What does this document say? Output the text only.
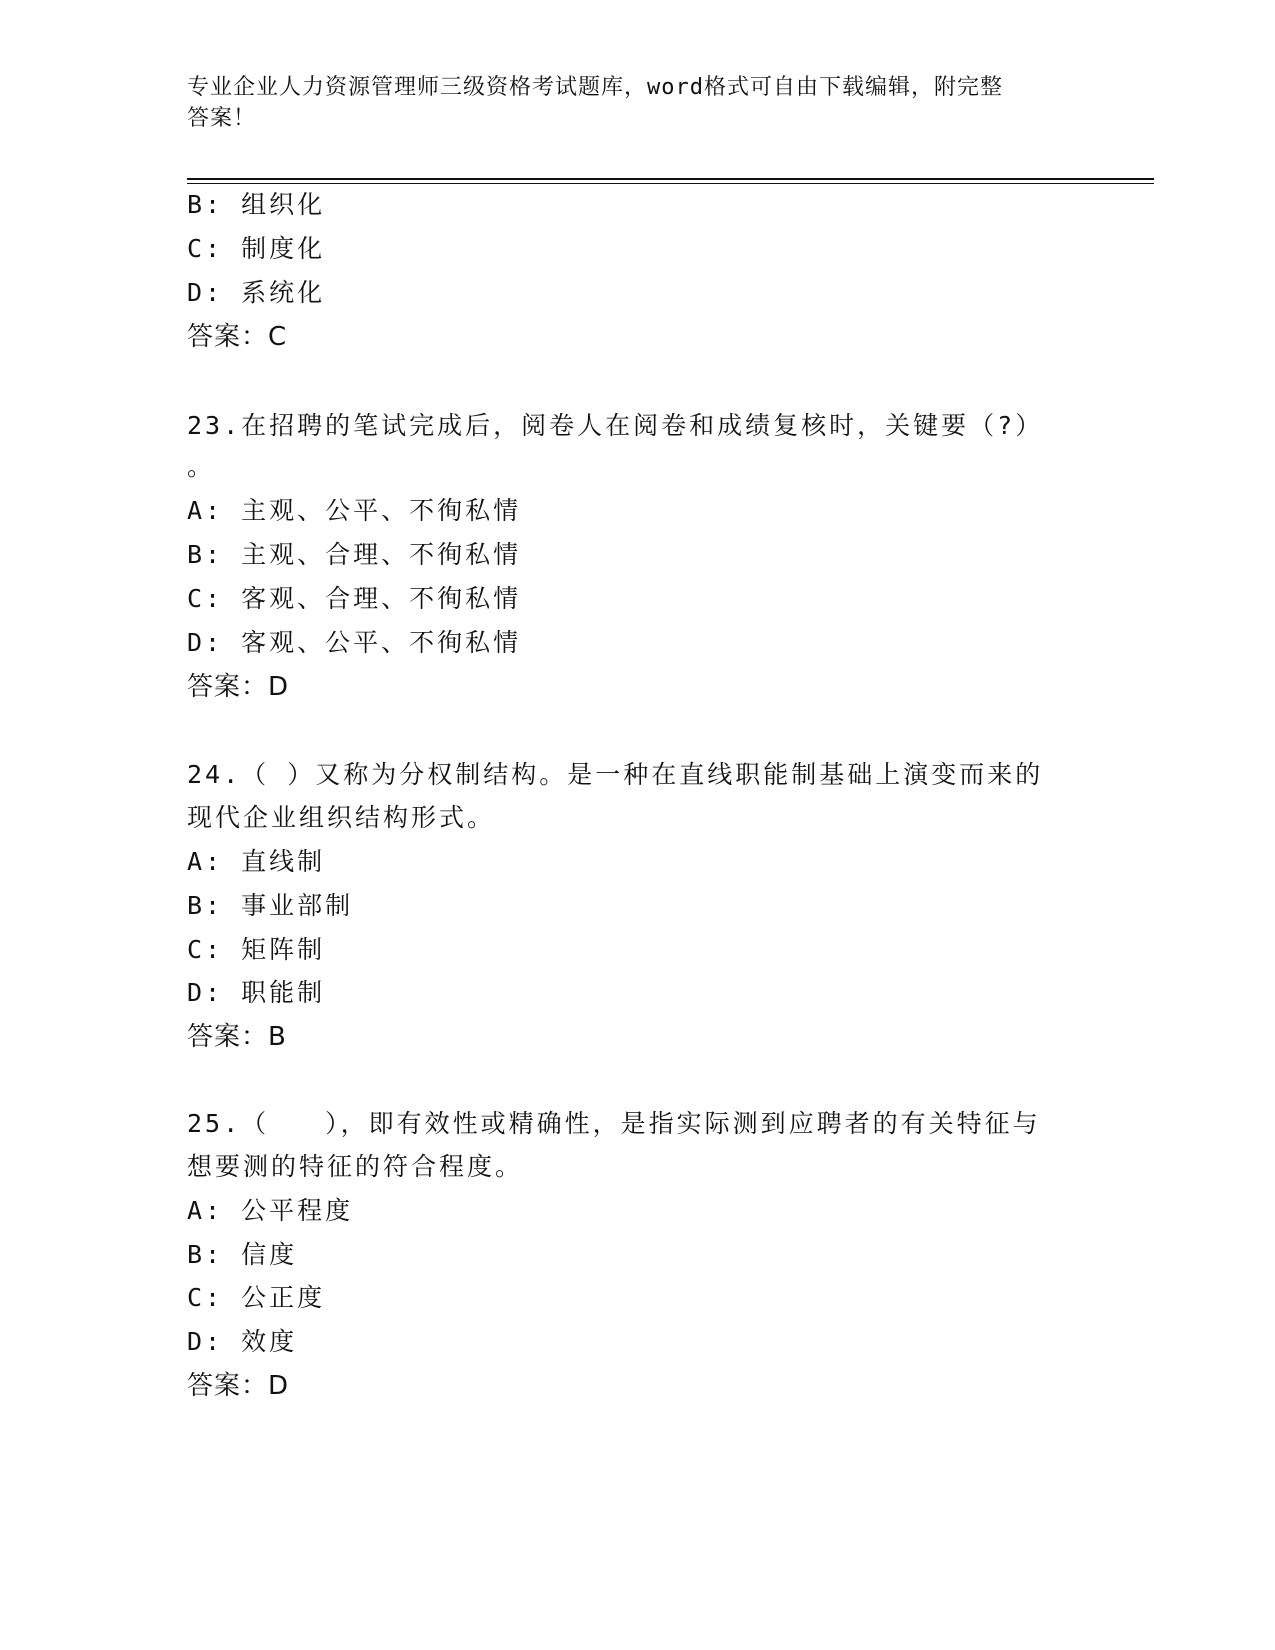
专业企业人力资源管理师三级资格考试题库，word格式可自由下载编辑，附完整
答案！
B: 组织化
C: 制度化
D: 系统化
答案：C
23.在招聘的笔试完成后，阅卷人在阅卷和成绩复核时，关键要（?）
。
A: 主观、公平、不徇私情
B: 主观、合理、不徇私情
C: 客观、合理、不徇私情
D: 客观、公平、不徇私情
答案：D
24.（ ）又称为分权制结构。是一种在直线职能制基础上演变而来的
现代企业组织结构形式。
A: 直线制
B: 事业部制
C: 矩阵制
D: 职能制
答案：B
25.（　　），即有效性或精确性，是指实际测到应聘者的有关特征与
想要测的特征的符合程度。
A: 公平程度
B: 信度
C: 公正度
D: 效度
答案：D
